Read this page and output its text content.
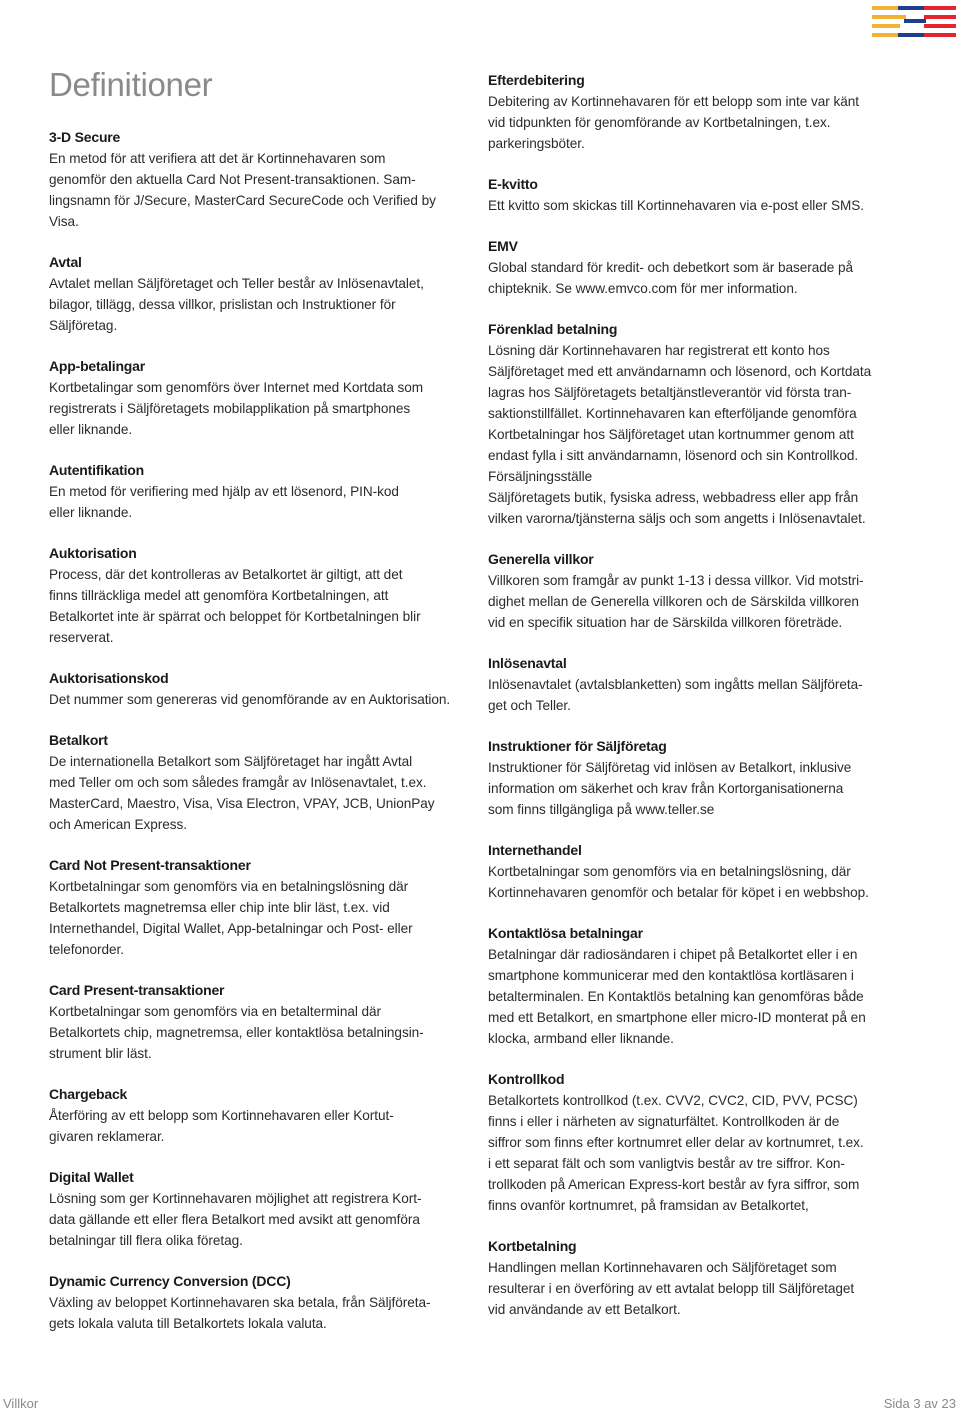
Definitioner
3-D Secure

En metod för att verifiera att det är Kortinnehavaren som
genomför den aktuella Card Not Present-transaktionen. Sam-
lingsnamn för J/Secure, MasterCard SecureCode och Verified by
Visa.

Avtal

Avtalet mellan Säljföretaget och Teller består av Inlösenavtalet,
bilagor, tillägg, dessa villkor, prislistan och Instruktioner för
Säljföretag.

App-betalingar

Kortbetalingar som genomförs över Internet med Kortdata som
registrerats i Säljföretagets mobilapplikation på smartphones
eller liknande.

Autentifikation

En metod för verifiering med hjälp av ett lösenord, PIN-kod
eller liknande.

Auktorisation

Process, där det kontrolleras av Betalkortet är giltigt, att det
finns tillräckliga medel att genomföra Kortbetalningen, att
Betalkortet inte är spärrat och beloppet för Kortbetalningen blir
reserverat.

Auktorisationskod

Det nummer som genereras vid genomförande av en Auktorisation.

Betalkort

De internationella Betalkort som Säljföretaget har ingått Avtal
med Teller om och som således framgår av Inlösenavtalet, t.ex.
MasterCard, Maestro, Visa, Visa Electron, VPAY, JCB, UnionPay
och American Express.

Card Not Present-transaktioner

Kortbetalningar som genomförs via en betalningslösning där
Betalkortets magnetremsa eller chip inte blir läst, t.ex. vid
Internethandel, Digital Wallet, App-betalningar och Post- eller
telefonorder.

Card Present-transaktioner

Kortbetalningar som genomförs via en betalterminal där
Betalkortets chip, magnetremsa, eller kontaktlösa betalningsin-
strument blir läst.

Chargeback

Återföring av ett belopp som Kortinnehavaren eller Kortut-
givaren reklamerar.

Digital Wallet

Lösning som ger Kortinnehavaren möjlighet att registrera Kort-
data gällande ett eller flera Betalkort med avsikt att genomföra
betalningar till flera olika företag.

Dynamic Currency Conversion (DCC)

Växling av beloppet Kortinnehavaren ska betala, från Säljföreta-
gets lokala valuta till Betalkortets lokala valuta.

Efterdebitering

Debitering av Kortinnehavaren för ett belopp som inte var känt
vid tidpunkten för genomförande av Kortbetalningen, t.ex.
parkeringsböter.

E-kvitto

Ett kvitto som skickas till Kortinnehavaren via e-post eller SMS.

EMV

Global standard för kredit- och debetkort som är baserade på
chipteknik. Se www.emvco.com för mer information.

Förenklad betalning

Lösning där Kortinnehavaren har registrerat ett konto hos
Säljföretaget med ett användarnamn och lösenord, och Kortdata
lagras hos Säljföretagets betaltjänstleverantör vid första tran-
saktionstillfället. Kortinnehavaren kan efterföljande genomföra
Kortbetalningar hos Säljföretaget utan kortnummer genom att
endast fylla i sitt användarnamn, lösenord och sin Kontrollkod.
Försäljningsställe
Säljföretagets butik, fysiska adress, webbadress eller app från
vilken varorna/tjänsterna säljs och som angetts i Inlösenavtalet.

Generella villkor

Villkoren som framgår av punkt 1-13 i dessa villkor. Vid motstri-
dighet mellan de Generella villkoren och de Särskilda villkoren
vid en specifik situation har de Särskilda villkoren företräde.

Inlösenavtal

Inlösenavtalet (avtalsblanketten) som ingåtts mellan Säljföreta-
get och Teller.

Instruktioner för Säljföretag

Instruktioner för Säljföretag vid inlösen av Betalkort, inklusive
information om säkerhet och krav från Kortorganisationerna
som finns tillgängliga på www.teller.se

Internethandel

Kortbetalningar som genomförs via en betalningslösning, där
Kortinnehavaren genomför och betalar för köpet i en webbshop.

Kontaktlösa betalningar

Betalningar där radiosändaren i chipet på Betalkortet eller i en
smartphone kommunicerar med den kontaktlösa kortläsaren i
betalterminalen. En Kontaktlös betalning kan genomföras både
med ett Betalkort, en smartphone eller micro-ID monterat på en
klocka, armband eller liknande.

Kontrollkod

Betalkortets kontrollkod (t.ex. CVV2, CVC2, CID, PVV, PCSC)
finns i eller i närheten av signaturfältet. Kontrollkoden är de
siffror som finns efter kortnumret eller delar av kortnumret, t.ex.
i ett separat fält och som vanligtvis består av tre siffror. Kon-
trollkoden på American Express-kort består av fyra siffror, som
finns ovanför kortnumret, på framsidan av Betalkortet,

Kortbetalning

Handlingen mellan Kortinnehavaren och Säljföretaget som
resulterar i en överföring av ett avtalat belopp till Säljföretaget
vid användande av ett Betalkort.

Villkor	Sida 3 av 23
